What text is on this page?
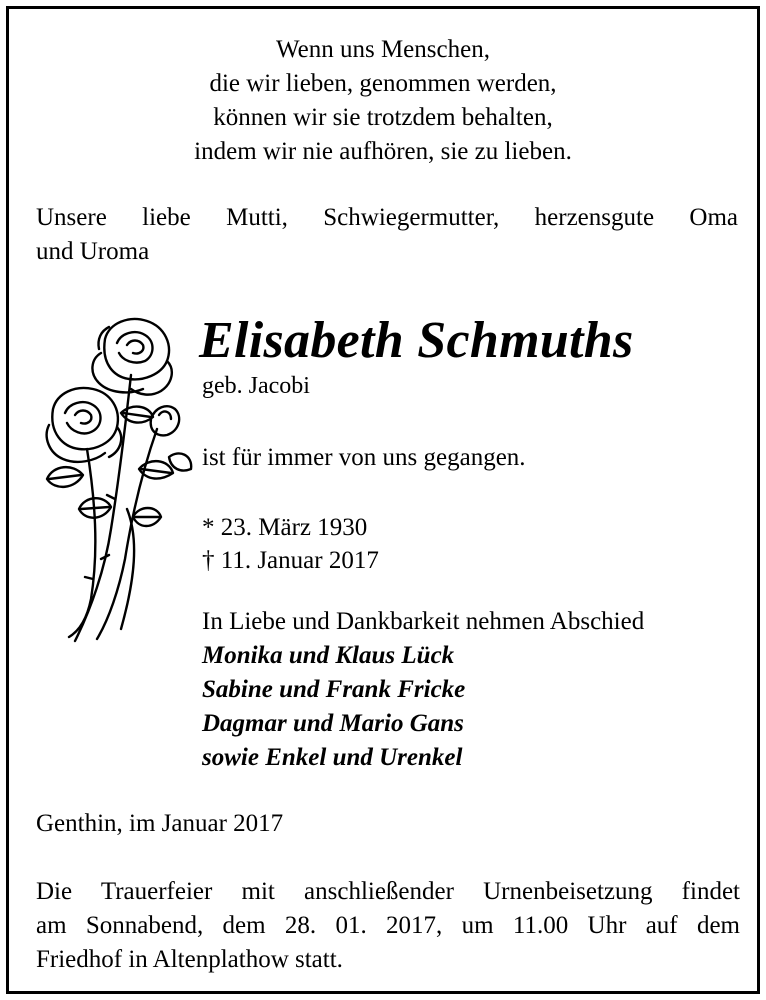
Wenn uns Menschen,
die wir lieben, genommen werden,
können wir sie trotzdem behalten,
indem wir nie aufhören, sie zu lieben.
Unsere liebe Mutti, Schwiegermutter, herzensgute Oma
und Uroma
Elisabeth Schmuths
geb. Jacobi
ist für immer von uns gegangen.
* 23. März 1930
† 11. Januar 2017
In Liebe und Dankbarkeit nehmen Abschied
Monika und Klaus Lück
Sabine und Frank Fricke
Dagmar und Mario Gans
sowie Enkel und Urenkel
Genthin, im Januar 2017
Die Trauerfeier mit anschließender Urnenbeisetzung findet
am Sonnabend, dem 28. 01. 2017, um 11.00 Uhr auf dem
Friedhof in Altenplathow statt.
